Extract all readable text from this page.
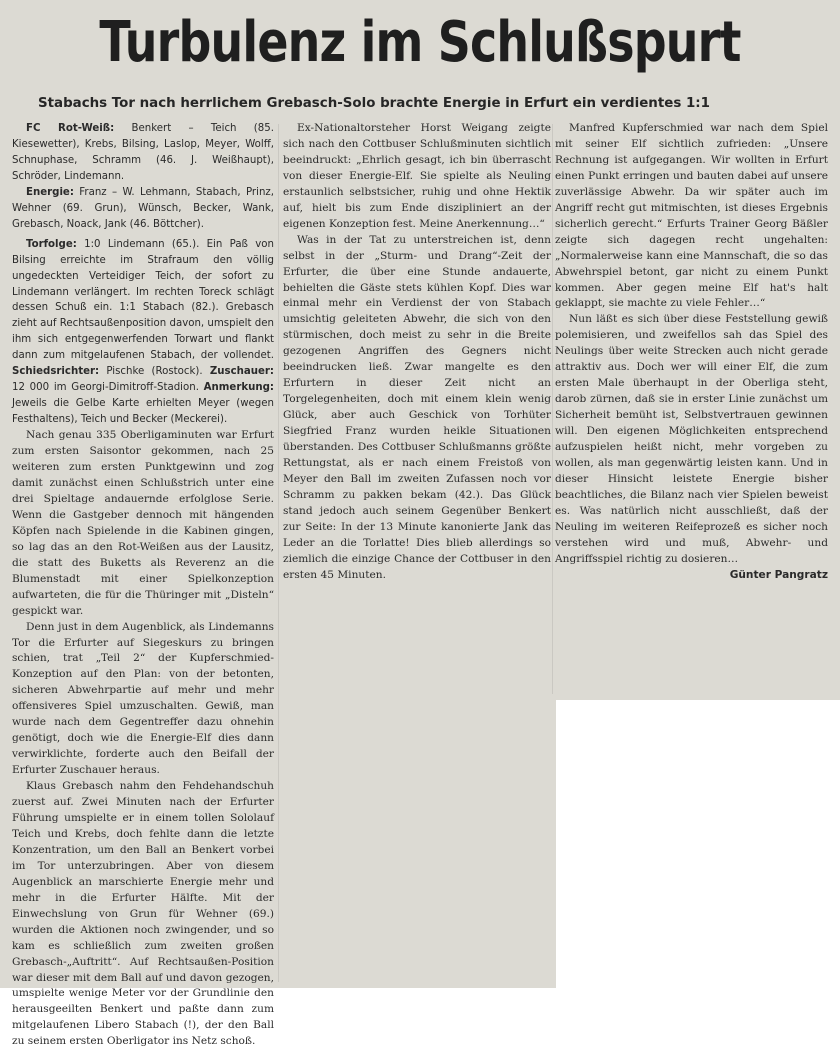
Turbulenz im Schlußspurt
Stabachs Tor nach herrlichem Grebasch-Solo brachte Energie in Erfurt ein verdientes 1:1

FC Rot-Weiß: Benkert – Teich (85. Kiesewetter), Krebs, Bilsing, Laslop, Meyer, Wolff, Schnuphase, Schramm (46. J. Weißhaupt), Schröder, Lindemann.

Energie: Franz – W. Lehmann, Stabach, Prinz, Wehner (69. Grun), Wünsch, Becker, Wank, Grebasch, Noack, Jank (46. Böttcher).

Torfolge: 1:0 Lindemann (65.). Ein Paß von Bilsing erreichte im Strafraum den völlig ungedeckten Verteidiger Teich, der sofort zu Lindemann verlängert. Im rechten Toreck schlägt dessen Schuß ein. 1:1 Stabach (82.). Grebasch zieht auf Rechtsaußenposition davon, umspielt den ihm sich entgegenwerfenden Torwart und flankt dann zum mitgelaufenen Stabach, der vollendet. Schiedsrichter: Pischke (Rostock). Zuschauer: 12 000 im Georgi-Dimitroff-Stadion. Anmerkung: Jeweils die Gelbe Karte erhielten Meyer (wegen Festhaltens), Teich und Becker (Meckerei).

Nach genau 335 Oberligaminuten war Erfurt zum ersten Saisontor gekommen, nach 25 weiteren zum ersten Punktgewinn und zog damit zunächst einen Schlußstrich unter eine drei Spieltage andauernde erfolglose Serie. Wenn die Gastgeber dennoch mit hängenden Köpfen nach Spielende in die Kabinen gingen, so lag das an den Rot-Weißen aus der Lausitz, die statt des Buketts als Reverenz an die Blumenstadt mit einer Spielkonzeption aufwarteten, die für die Thüringer mit „Disteln“ gespickt war.

Denn just in dem Augenblick, als Lindemanns Tor die Erfurter auf Siegeskurs zu bringen schien, trat „Teil 2“ der Kupferschmied-Konzeption auf den Plan: von der betonten, sicheren Abwehrpartie auf mehr und mehr offensiveres Spiel umzuschalten. Gewiß, man wurde nach dem Gegentreffer dazu ohnehin genötigt, doch wie die Energie-Elf dies dann verwirklichte, forderte auch den Beifall der Erfurter Zuschauer heraus.

Klaus Grebasch nahm den Fehdehandschuh zuerst auf. Zwei Minuten nach der Erfurter Führung umspielte er in einem tollen Sololauf Teich und Krebs, doch fehlte dann die letzte Konzentration, um den Ball an Benkert vorbei im Tor unterzubringen. Aber von diesem Augenblick an marschierte Energie mehr und mehr in die Erfurter Hälfte. Mit der Einwechslung von Grun für Wehner (69.) wurden die Aktionen noch zwingender, und so kam es schließlich zum zweiten großen Grebasch-„Auftritt“. Auf Rechtsaußen-Position war dieser mit dem Ball auf und davon gezogen, umspielte wenige Meter vor der Grundlinie den herausgeeilten Benkert und paßte dann zum mitgelaufenen Libero Stabach (!), der den Ball zu seinem ersten Oberligator ins Netz schoß.

Ex-Nationaltorsteher Horst Weigang zeigte sich nach den Cottbuser Schlußminuten sichtlich beeindruckt: „Ehrlich gesagt, ich bin überrascht von dieser Energie-Elf. Sie spielte als Neuling erstaunlich selbstsicher, ruhig und ohne Hektik auf, hielt bis zum Ende diszipliniert an der eigenen Konzeption fest. Meine Anerkennung…“

Was in der Tat zu unterstreichen ist, denn selbst in der „Sturm- und Drang“-Zeit der Erfurter, die über eine Stunde andauerte, behielten die Gäste stets kühlen Kopf. Dies war einmal mehr ein Verdienst der von Stabach umsichtig geleiteten Abwehr, die sich von den stürmischen, doch meist zu sehr in die Breite gezogenen Angriffen des Gegners nicht beeindrucken ließ. Zwar mangelte es den Erfurtern in dieser Zeit nicht an Torgelegenheiten, doch mit einem klein wenig Glück, aber auch Geschick von Torhüter Siegfried Franz wurden heikle Situationen überstanden. Des Cottbuser Schlußmanns größte Rettungstat, als er nach einem Freistoß von Meyer den Ball im zweiten Zufassen noch vor Schramm zu pakken bekam (42.). Das Glück stand jedoch auch seinem Gegenüber Benkert zur Seite: In der 13 Minute kanonierte Jank das Leder an die Torlatte! Dies blieb allerdings so ziemlich die einzige Chance der Cottbuser in den ersten 45 Minuten.

Manfred Kupferschmied war nach dem Spiel mit seiner Elf sichtlich zufrieden: „Unsere Rechnung ist aufgegangen. Wir wollten in Erfurt einen Punkt erringen und bauten dabei auf unsere zuverlässige Abwehr. Da wir später auch im Angriff recht gut mitmischten, ist dieses Ergebnis sicherlich gerecht.“ Erfurts Trainer Georg Bäßler zeigte sich dagegen recht ungehalten: „Normalerweise kann eine Mannschaft, die so das Abwehrspiel betont, gar nicht zu einem Punkt kommen. Aber gegen meine Elf hat's halt geklappt, sie machte zu viele Fehler…“

Nun läßt es sich über diese Feststellung gewiß polemisieren, und zweifellos sah das Spiel des Neulings über weite Strecken auch nicht gerade attraktiv aus. Doch wer will einer Elf, die zum ersten Male überhaupt in der Oberliga steht, darob zürnen, daß sie in erster Linie zunächst um Sicherheit bemüht ist, Selbstvertrauen gewinnen will. Den eigenen Möglichkeiten entsprechend aufzuspielen heißt nicht, mehr vorgeben zu wollen, als man gegenwärtig leisten kann. Und in dieser Hinsicht leistete Energie bisher beachtliches, die Bilanz nach vier Spielen beweist es. Was natürlich nicht ausschließt, daß der Neuling im weiteren Reifeprozeß es sicher noch verstehen wird und muß, Abwehr- und Angriffsspiel richtig zu dosieren…
Günter Pangratz
